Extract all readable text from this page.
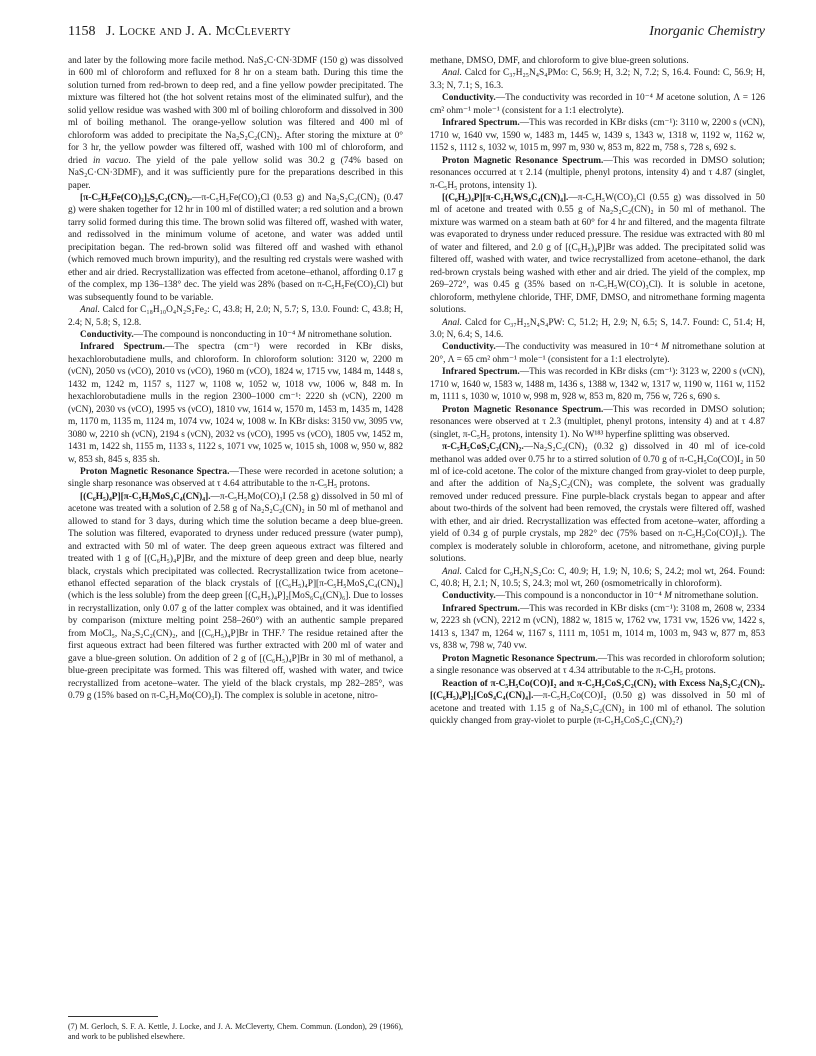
1158 J. Locke and J. A. McCleverty	Inorganic Chemistry

and later by the following more facile method. NaS₂C·CN·3DMF (150 g) was dissolved in 600 ml of chloroform and refluxed for 8 hr on a steam bath. During this time the solution turned from red-brown to deep red, and a fine yellow powder precipitated. The mixture was filtered hot (the hot solvent retains most of the eliminated sulfur), and the solid yellow residue was washed with 300 ml of boiling chloroform and dissolved in 300 ml of boiling methanol. The orange-yellow solution was filtered and 400 ml of chloroform was added to precipitate the Na₂S₂C₂(CN)₂. After storing the mixture at 0° for 3 hr, the yellow powder was filtered off, washed with 100 ml of chloroform, and dried in vacuo. The yield of the pale yellow solid was 30.2 g (74% based on NaS₂C·CN·3DMF), and it was sufficiently pure for the preparations described in this paper.

[π-C₅H₅Fe(CO)₂]₂S₂C₂(CN)₂.—π-C₅H₅Fe(CO)₂Cl (0.53 g) and Na₂S₂C₂(CN)₂ (0.47 g) were shaken together for 12 hr in 100 ml of distilled water; a red solution and a brown tarry solid formed during this time. The brown solid was filtered off, washed with water, and redissolved in the minimum volume of acetone, and water was added until precipitation began. The red-brown solid was filtered off and washed with ethanol (which removed much brown impurity), and the resulting red crystals were washed with ether and air dried. Recrystallization was effected from acetone–ethanol, affording 0.17 g of the complex, mp 136–138° dec. The yield was 28% (based on π-C₅H₅Fe(CO)₂Cl) but was subsequently found to be variable.

Anal. Calcd for C₁₈H₁₀O₄N₂S₂Fe₂: C, 43.8; H, 2.0; N, 5.7; S, 13.0. Found: C, 43.8; H, 2.4; N, 5.8; S, 12.8.

Conductivity.—The compound is nonconducting in 10⁻⁴ M nitromethane solution.

Infrared Spectrum.—The spectra (cm⁻¹) were recorded in KBr disks, hexachlorobutadiene mulls, and chloroform. In chloroform solution: 3120 w, 2200 m (νCN), 2050 vs (νCO), 2010 vs (νCO), 1960 m (νCO), 1824 w, 1715 vw, 1484 m, 1448 s, 1432 m, 1242 m, 1157 s, 1127 w, 1108 w, 1052 w, 1018 vw, 1006 w, 848 m. In hexachlorobutadiene mulls in the region 2300–1000 cm⁻¹: 2220 sh (νCN), 2200 m (νCN), 2030 vs (νCO), 1995 vs (νCO), 1810 vw, 1614 w, 1570 m, 1453 m, 1435 m, 1428 m, 1170 m, 1135 m, 1124 m, 1074 vw, 1024 w, 1008 w. In KBr disks: 3150 vw, 3095 vw, 3080 w, 2210 sh (νCN), 2194 s (νCN), 2032 vs (νCO), 1995 vs (νCO), 1805 vw, 1452 m, 1431 m, 1422 sh, 1155 m, 1133 s, 1122 s, 1071 vw, 1025 w, 1015 sh, 1008 w, 950 w, 882 w, 853 sh, 845 s, 835 sh.

Proton Magnetic Resonance Spectra.—These were recorded in acetone solution; a single sharp resonance was observed at τ 4.64 attributable to the π-C₅H₅ protons.

[(C₆H₅)₄P][π-C₅H₅MoS₄C₄(CN)₄].—π-C₅H₅Mo(CO)₃I (2.58 g) dissolved in 50 ml of acetone was treated with a solution of 2.58 g of Na₂S₂C₂(CN)₂ in 50 ml of methanol and allowed to stand for 3 days, during which time the solution became a deep blue-green. The solution was filtered, evaporated to dryness under reduced pressure (water pump), and extracted with 50 ml of water. The deep green aqueous extract was filtered and treated with 1 g of [(C₆H₅)₄P]Br, and the mixture of deep green and deep blue, nearly black, crystals which precipitated was collected. Recrystallization twice from acetone–ethanol effected separation of the black crystals of [(C₆H₅)₄P][π-C₅H₅MoS₄C₄(CN)₄] (which is the less soluble) from the deep green [(C₆H₅)₄P]₂[MoS₆C₆(CN)₆]. Due to losses in recrystallization, only 0.07 g of the latter complex was obtained, and it was identified by comparison (mixture melting point 258–260°) with an authentic sample prepared from MoCl₅, Na₂S₂C₂(CN)₂, and [(C₆H₅)₄P]Br in THF.⁷ The residue retained after the first aqueous extract had been filtered was further extracted with 200 ml of water and gave a blue-green solution. On addition of 2 g of [(C₆H₅)₄P]Br in 30 ml of methanol, a blue-green precipitate was formed. This was filtered off, washed with water, and twice recrystallized from acetone–water. The yield of the black crystals, mp 282–285°, was 0.79 g (15% based on π-C₅H₅Mo(CO)₃I). The complex is soluble in acetone, nitro-

methane, DMSO, DMF, and chloroform to give blue-green solutions.

Anal. Calcd for C₃₇H₂₅N₄S₄PMo: C, 56.9; H, 3.2; N, 7.2; S, 16.4. Found: C, 56.9; H, 3.3; N, 7.1; S, 16.3.

Conductivity.—The conductivity was recorded in 10⁻⁴ M acetone solution, Λ = 126 cm² ohm⁻¹ mole⁻¹ (consistent for a 1:1 electrolyte).

Infrared Spectrum.—This was recorded in KBr disks (cm⁻¹): 3110 w, 2200 s (νCN), 1710 w, 1640 vw, 1590 w, 1483 m, 1445 w, 1439 s, 1343 w, 1318 w, 1192 w, 1162 w, 1152 s, 1112 s, 1032 w, 1015 m, 997 m, 930 w, 853 m, 822 m, 758 s, 728 s, 692 s.

Proton Magnetic Resonance Spectrum.—This was recorded in DMSO solution; resonances occurred at τ 2.14 (multiple, phenyl protons, intensity 4) and τ 4.87 (singlet, π-C₅H₅ protons, intensity 1).

[(C₆H₅)₄P][π-C₅H₅WS₄C₄(CN)₄].—π-C₅H₅W(CO)₃Cl (0.55 g) was dissolved in 50 ml of acetone and treated with 0.55 g of Na₂S₂C₂(CN)₂ in 50 ml of methanol. The mixture was warmed on a steam bath at 60° for 4 hr and filtered, and the magenta filtrate was evaporated to dryness under reduced pressure. The residue was extracted with 80 ml of water and filtered, and 2.0 g of [(C₆H₅)₄P]Br was added. The precipitated solid was filtered off, washed with water, and twice recrystallized from acetone–ethanol, the dark red-brown crystals being washed with ether and air dried. The yield of the complex, mp 269–272°, was 0.45 g (35% based on π-C₅H₅W(CO)₃Cl). It is soluble in acetone, chloroform, methylene chloride, THF, DMF, DMSO, and nitromethane forming magenta solutions.

Anal. Calcd for C₃₇H₂₅N₄S₄PW: C, 51.2; H, 2.9; N, 6.5; S, 14.7. Found: C, 51.4; H, 3.0; N, 6.4; S, 14.6.

Conductivity.—The conductivity was measured in 10⁻⁴ M nitromethane solution at 20°, Λ = 65 cm² ohm⁻¹ mole⁻¹ (consistent for a 1:1 electrolyte).

Infrared Spectrum.—This was recorded in KBr disks (cm⁻¹): 3123 w, 2200 s (νCN), 1710 w, 1640 w, 1583 w, 1488 m, 1436 s, 1388 w, 1342 w, 1317 w, 1190 w, 1161 w, 1152 m, 1111 s, 1030 w, 1010 w, 998 m, 928 w, 853 m, 820 m, 756 w, 726 s, 690 s.

Proton Magnetic Resonance Spectrum.—This was recorded in DMSO solution; resonances were observed at τ 2.3 (multiplet, phenyl protons, intensity 4) and at τ 4.87 (singlet, π-C₅H₅ protons, intensity 1). No W¹⁸³ hyperfine splitting was observed.

π-C₅H₅CoS₂C₂(CN)₂.—Na₂S₂C₂(CN)₂ (0.32 g) dissolved in 40 ml of ice-cold methanol was added over 0.75 hr to a stirred solution of 0.70 g of π-C₅H₅Co(CO)I₂ in 50 ml of ice-cold acetone. The color of the mixture changed from gray-violet to deep purple, and after the addition of Na₂S₂C₂(CN)₂ was complete, the solvent was gradually removed under reduced pressure. Fine purple-black crystals began to appear and after about two-thirds of the solvent had been removed, the crystals were filtered off, washed with ether, and air dried. Recrystallization was effected from acetone–water, affording a yield of 0.34 g of purple crystals, mp 282° dec (75% based on π-C₅H₅Co(CO)I₂). The complex is moderately soluble in chloroform, acetone, and nitromethane, giving purple solutions.

Anal. Calcd for C₉H₅N₂S₂Co: C, 40.9; H, 1.9; N, 10.6; S, 24.2; mol wt, 264. Found: C, 40.8; H, 2.1; N, 10.5; S, 24.3; mol wt, 260 (osmometrically in chloroform).

Conductivity.—This compound is a nonconductor in 10⁻⁴ M nitromethane solution.

Infrared Spectrum.—This was recorded in KBr disks (cm⁻¹): 3108 m, 2608 w, 2334 w, 2223 sh (νCN), 2212 m (νCN), 1882 w, 1815 w, 1762 vw, 1731 vw, 1526 vw, 1422 s, 1413 s, 1347 m, 1264 w, 1167 s, 1111 m, 1051 m, 1014 m, 1003 m, 943 w, 877 m, 853 vs, 838 w, 798 w, 740 vw.

Proton Magnetic Resonance Spectrum.—This was recorded in chloroform solution; a single resonance was observed at τ 4.34 attributable to the π-C₅H₅ protons.

Reaction of π-C₅H₅Co(CO)I₂ and π-C₅H₅CoS₂C₂(CN)₂ with Excess Na₂S₂C₂(CN)₂. [(C₆H₅)₄P]₂[CoS₄C₄(CN)₄].—π-C₅H₅Co(CO)I₂ (0.50 g) was dissolved in 50 ml of acetone and treated with 1.15 g of Na₂S₂C₂(CN)₂ in 100 ml of ethanol. The solution quickly changed from gray-violet to purple (π-C₅H₅CoS₂C₂(CN)₂?)

(7) M. Gerloch, S. F. A. Kettle, J. Locke, and J. A. McCleverty, Chem. Commun. (London), 29 (1966), and work to be published elsewhere.
